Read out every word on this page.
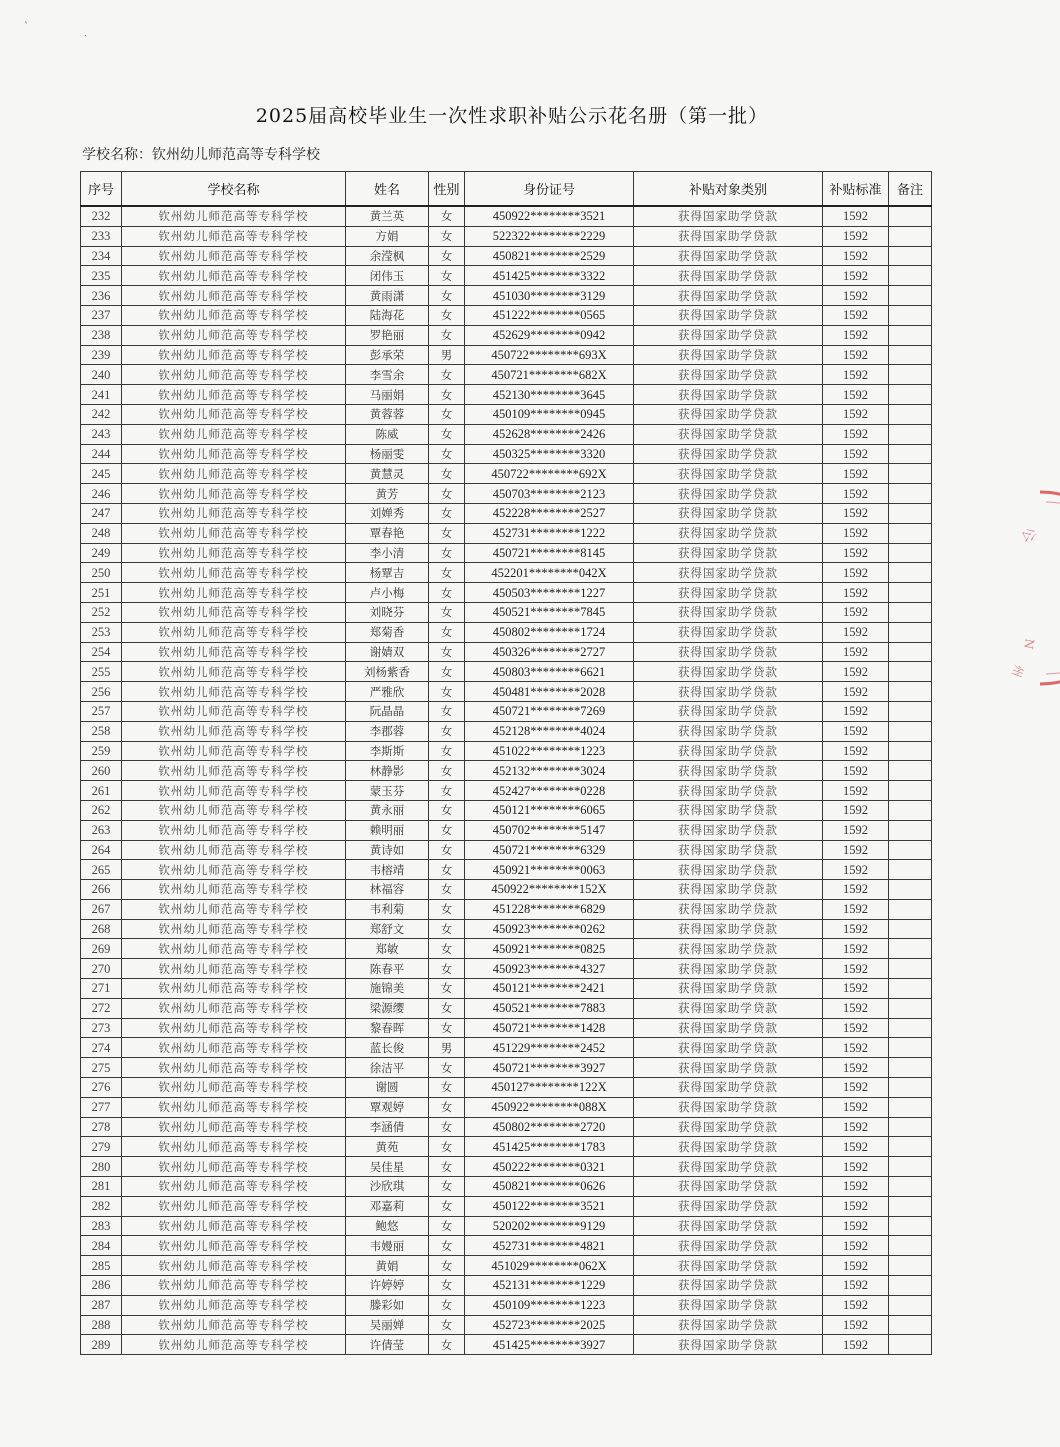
ˋ	ˏ
2025届高校毕业生一次性求职补贴公示花名册（第一批）
学校名称：钦州幼儿师范高等专科学校
序号	学校名称	姓名	性别	身份证号	补贴对象类别	补贴标准	备注
232	钦州幼儿师范高等专科学校	黄兰英	女	450922********3521	获得国家助学贷款	1592	
233	钦州幼儿师范高等专科学校	方娟	女	522322********2229	获得国家助学贷款	1592	
234	钦州幼儿师范高等专科学校	余滢枫	女	450821********2529	获得国家助学贷款	1592	
235	钦州幼儿师范高等专科学校	闭伟玉	女	451425********3322	获得国家助学贷款	1592	
236	钦州幼儿师范高等专科学校	黄雨潇	女	451030********3129	获得国家助学贷款	1592	
237	钦州幼儿师范高等专科学校	陆海花	女	451222********0565	获得国家助学贷款	1592	
238	钦州幼儿师范高等专科学校	罗艳丽	女	452629********0942	获得国家助学贷款	1592	
239	钦州幼儿师范高等专科学校	彭承荣	男	450722********693X	获得国家助学贷款	1592	
240	钦州幼儿师范高等专科学校	李雪余	女	450721********682X	获得国家助学贷款	1592	
241	钦州幼儿师范高等专科学校	马丽娟	女	452130********3645	获得国家助学贷款	1592	
242	钦州幼儿师范高等专科学校	黄蓉蓉	女	450109********0945	获得国家助学贷款	1592	
243	钦州幼儿师范高等专科学校	陈威	女	452628********2426	获得国家助学贷款	1592	
244	钦州幼儿师范高等专科学校	杨丽雯	女	450325********3320	获得国家助学贷款	1592	
245	钦州幼儿师范高等专科学校	黄慧灵	女	450722********692X	获得国家助学贷款	1592	
246	钦州幼儿师范高等专科学校	黄芳	女	450703********2123	获得国家助学贷款	1592	
247	钦州幼儿师范高等专科学校	刘婵秀	女	452228********2527	获得国家助学贷款	1592	
248	钦州幼儿师范高等专科学校	覃春艳	女	452731********1222	获得国家助学贷款	1592	
249	钦州幼儿师范高等专科学校	李小清	女	450721********8145	获得国家助学贷款	1592	
250	钦州幼儿师范高等专科学校	杨覃吉	女	452201********042X	获得国家助学贷款	1592	
251	钦州幼儿师范高等专科学校	卢小梅	女	450503********1227	获得国家助学贷款	1592	
252	钦州幼儿师范高等专科学校	刘晓芬	女	450521********7845	获得国家助学贷款	1592	
253	钦州幼儿师范高等专科学校	郑菊香	女	450802********1724	获得国家助学贷款	1592	
254	钦州幼儿师范高等专科学校	谢婧双	女	450326********2727	获得国家助学贷款	1592	
255	钦州幼儿师范高等专科学校	刘杨紫香	女	450803********6621	获得国家助学贷款	1592	
256	钦州幼儿师范高等专科学校	严雅欣	女	450481********2028	获得国家助学贷款	1592	
257	钦州幼儿师范高等专科学校	阮晶晶	女	450721********7269	获得国家助学贷款	1592	
258	钦州幼儿师范高等专科学校	李郡蓉	女	452128********4024	获得国家助学贷款	1592	
259	钦州幼儿师范高等专科学校	李斯斯	女	451022********1223	获得国家助学贷款	1592	
260	钦州幼儿师范高等专科学校	林静影	女	452132********3024	获得国家助学贷款	1592	
261	钦州幼儿师范高等专科学校	蒙玉芬	女	452427********0228	获得国家助学贷款	1592	
262	钦州幼儿师范高等专科学校	黄永丽	女	450121********6065	获得国家助学贷款	1592	
263	钦州幼儿师范高等专科学校	赖明丽	女	450702********5147	获得国家助学贷款	1592	
264	钦州幼儿师范高等专科学校	黄诗如	女	450721********6329	获得国家助学贷款	1592	
265	钦州幼儿师范高等专科学校	韦榕靖	女	450921********0063	获得国家助学贷款	1592	
266	钦州幼儿师范高等专科学校	林福容	女	450922********152X	获得国家助学贷款	1592	
267	钦州幼儿师范高等专科学校	韦利菊	女	451228********6829	获得国家助学贷款	1592	
268	钦州幼儿师范高等专科学校	郑舒文	女	450923********0262	获得国家助学贷款	1592	
269	钦州幼儿师范高等专科学校	郑敏	女	450921********0825	获得国家助学贷款	1592	
270	钦州幼儿师范高等专科学校	陈春平	女	450923********4327	获得国家助学贷款	1592	
271	钦州幼儿师范高等专科学校	施锦美	女	450121********2421	获得国家助学贷款	1592	
272	钦州幼儿师范高等专科学校	梁源缨	女	450521********7883	获得国家助学贷款	1592	
273	钦州幼儿师范高等专科学校	黎春晖	女	450721********1428	获得国家助学贷款	1592	
274	钦州幼儿师范高等专科学校	蓝长俊	男	451229********2452	获得国家助学贷款	1592	
275	钦州幼儿师范高等专科学校	徐洁平	女	450721********3927	获得国家助学贷款	1592	
276	钦州幼儿师范高等专科学校	谢圆	女	450127********122X	获得国家助学贷款	1592	
277	钦州幼儿师范高等专科学校	覃观婷	女	450922********088X	获得国家助学贷款	1592	
278	钦州幼儿师范高等专科学校	李涵倩	女	450802********2720	获得国家助学贷款	1592	
279	钦州幼儿师范高等专科学校	黄苑	女	451425********1783	获得国家助学贷款	1592	
280	钦州幼儿师范高等专科学校	吴佳星	女	450222********0321	获得国家助学贷款	1592	
281	钦州幼儿师范高等专科学校	沙欣琪	女	450821********0626	获得国家助学贷款	1592	
282	钦州幼儿师范高等专科学校	邓嘉莉	女	450122********3521	获得国家助学贷款	1592	
283	钦州幼儿师范高等专科学校	鲍悠	女	520202********9129	获得国家助学贷款	1592	
284	钦州幼儿师范高等专科学校	韦嫚丽	女	452731********4821	获得国家助学贷款	1592	
285	钦州幼儿师范高等专科学校	黄娟	女	451029********062X	获得国家助学贷款	1592	
286	钦州幼儿师范高等专科学校	许婷婷	女	452131********1229	获得国家助学贷款	1592	
287	钦州幼儿师范高等专科学校	滕彩如	女	450109********1223	获得国家助学贷款	1592	
288	钦州幼儿师范高等专科学校	吴丽婵	女	452723********2025	获得国家助学贷款	1592	
289	钦州幼儿师范高等专科学校	许倩莹	女	451425********3927	获得国家助学贷款	1592	
公
N
州
